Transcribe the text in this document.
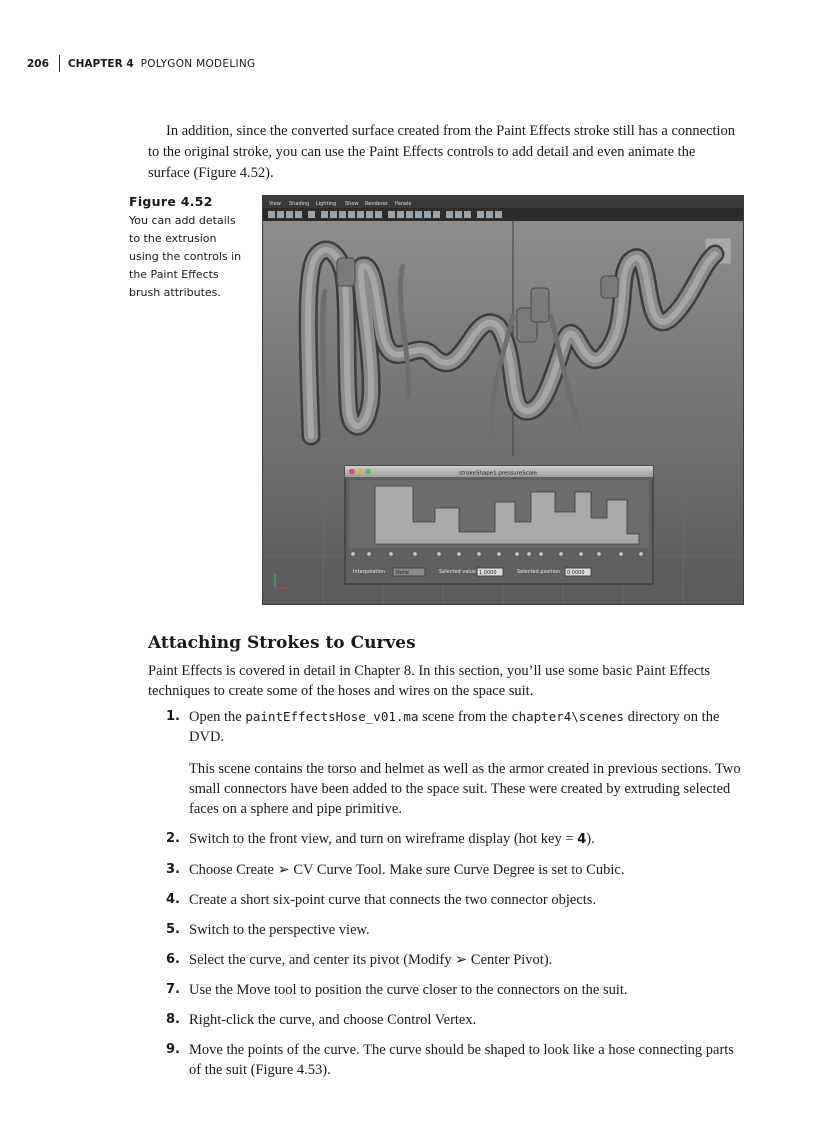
206 CHAPTER 4 POLYGON MODELING

In addition, since the converted surface created from the Paint Effects stroke still has a connection to the original stroke, you can use the Paint Effects controls to add detail and even animate the surface (Figure 4.52).

Figure 4.52
You can add details to the extrusion using the controls in the Paint Effects brush attributes.
View Shading Lighting Show Renderer Panels
FRONT
strokeShape1.pressureScale
Interpolation None	Selected value 1.0000	Selected position 0.0000
Attaching Strokes to Curves

Paint Effects is covered in detail in Chapter 8. In this section, you’ll use some basic Paint Effects techniques to create some of the hoses and wires on the space suit.

1. Open the paintEffectsHose_v01.ma scene from the chapter4\scenes directory on the DVD.
This scene contains the torso and helmet as well as the armor created in previous sections. Two small connectors have been added to the space suit. These were created by extruding selected faces on a sphere and pipe primitive.
2. Switch to the front view, and turn on wireframe display (hot key = 4).
3. Choose Create ➢ CV Curve Tool. Make sure Curve Degree is set to Cubic.
4. Create a short six-point curve that connects the two connector objects.
5. Switch to the perspective view.
6. Select the curve, and center its pivot (Modify ➢ Center Pivot).
7. Use the Move tool to position the curve closer to the connectors on the suit.
8. Right-click the curve, and choose Control Vertex.
9. Move the points of the curve. The curve should be shaped to look like a hose connecting parts of the suit (Figure 4.53).
